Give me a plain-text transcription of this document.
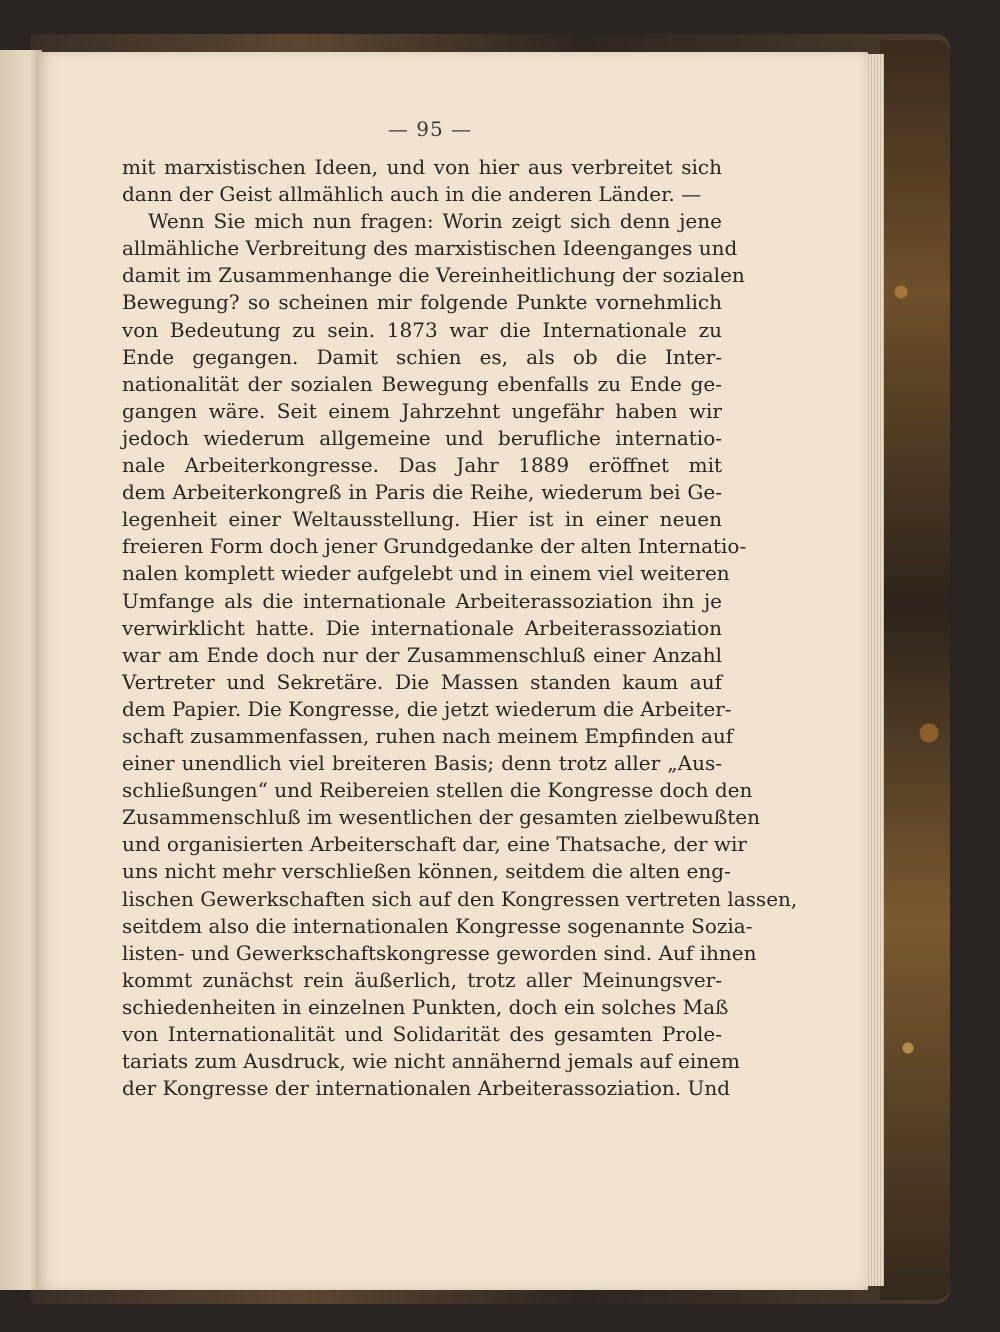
— 95 —
mit marxistischen Ideen, und von hier aus verbreitet sich
dann der Geist allmählich auch in die anderen Länder. —
Wenn Sie mich nun fragen: Worin zeigt sich denn jene
allmähliche Verbreitung des marxistischen Ideenganges und
damit im Zusammenhange die Vereinheitlichung der sozialen
Bewegung? so scheinen mir folgende Punkte vornehmlich
von Bedeutung zu sein. 1873 war die Internationale zu
Ende gegangen. Damit schien es, als ob die Inter-
nationalität der sozialen Bewegung ebenfalls zu Ende ge-
gangen wäre. Seit einem Jahrzehnt ungefähr haben wir
jedoch wiederum allgemeine und berufliche internatio-
nale Arbeiterkongresse. Das Jahr 1889 eröffnet mit
dem Arbeiterkongreß in Paris die Reihe, wiederum bei Ge-
legenheit einer Weltausstellung. Hier ist in einer neuen
freieren Form doch jener Grundgedanke der alten Internatio-
nalen komplett wieder aufgelebt und in einem viel weiteren
Umfange als die internationale Arbeiterassoziation ihn je
verwirklicht hatte. Die internationale Arbeiterassoziation
war am Ende doch nur der Zusammenschluß einer Anzahl
Vertreter und Sekretäre. Die Massen standen kaum auf
dem Papier. Die Kongresse, die jetzt wiederum die Arbeiter-
schaft zusammenfassen, ruhen nach meinem Empfinden auf
einer unendlich viel breiteren Basis; denn trotz aller „Aus-
schließungen“ und Reibereien stellen die Kongresse doch den
Zusammenschluß im wesentlichen der gesamten zielbewußten
und organisierten Arbeiterschaft dar, eine Thatsache, der wir
uns nicht mehr verschließen können, seitdem die alten eng-
lischen Gewerkschaften sich auf den Kongressen vertreten lassen,
seitdem also die internationalen Kongresse sogenannte Sozia-
listen- und Gewerkschaftskongresse geworden sind. Auf ihnen
kommt zunächst rein äußerlich, trotz aller Meinungsver-
schiedenheiten in einzelnen Punkten, doch ein solches Maß
von Internationalität und Solidarität des gesamten Prole-
tariats zum Ausdruck, wie nicht annähernd jemals auf einem
der Kongresse der internationalen Arbeiterassoziation. Und
